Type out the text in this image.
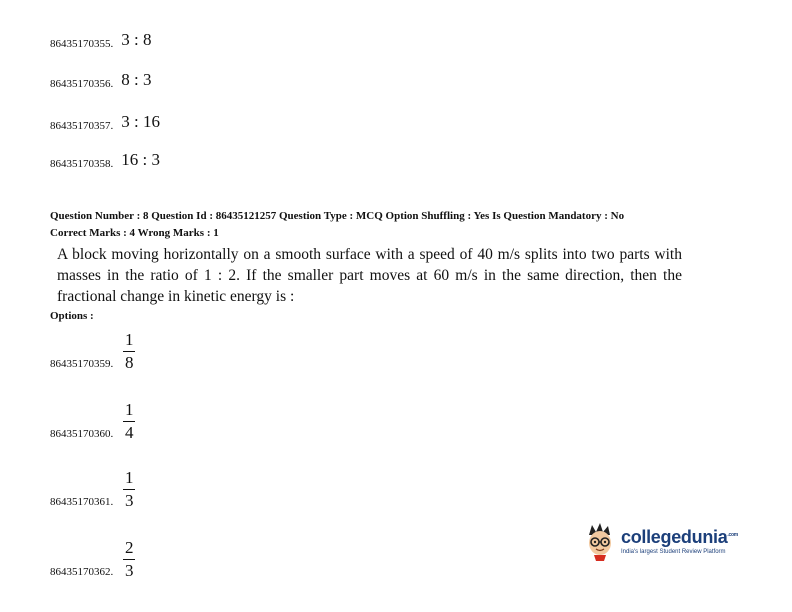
86435170355. 3 : 8
86435170356. 8 : 3
86435170357. 3 : 16
86435170358. 16 : 3
Question Number : 8 Question Id : 86435121257 Question Type : MCQ Option Shuffling : Yes Is Question Mandatory : No
Correct Marks : 4 Wrong Marks : 1
A block moving horizontally on a smooth surface with a speed of 40 m/s splits into two parts with masses in the ratio of 1 : 2. If the smaller part moves at 60 m/s in the same direction, then the fractional change in kinetic energy is :
Options :
86435170359. $\frac{1}{8}$
86435170360. $\frac{1}{4}$
86435170361. $\frac{1}{3}$
86435170362. $\frac{2}{3}$
collegedunia$^{.com}$
India's largest Student Review Platform
